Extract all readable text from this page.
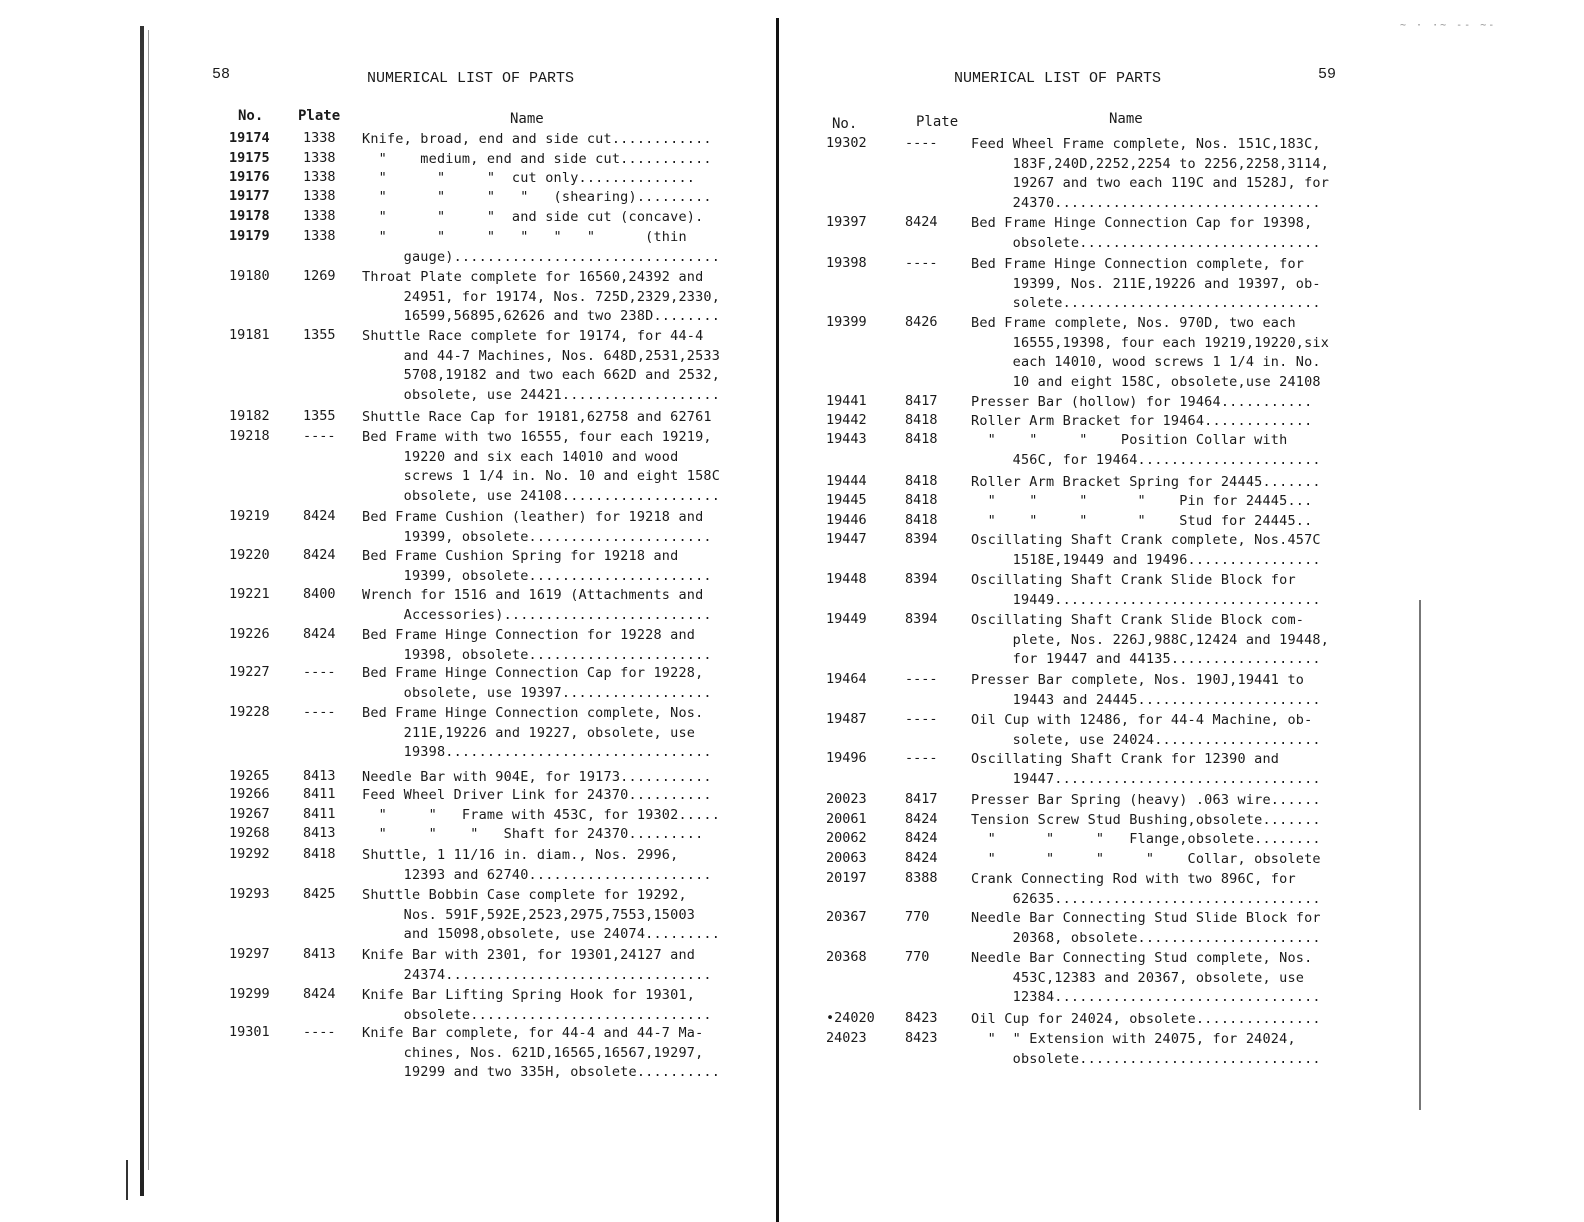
~ · ·~ -- ~-
58	NUMERICAL LIST OF PARTS
No. Plate	Name
19174 1338 Knife, broad, end and side cut............
19175 1338 "    medium, end and side cut...........
19176 1338 "      "     "  cut only..............
19177 1338 "      "     "   "   (shearing).........
19178 1338 "      "     "  and side cut (concave).
19179 1338 "      "     "   "   "   "      (thin
gauge)................................
19180 1269 Throat Plate complete for 16560,24392 and
24951, for 19174, Nos. 725D,2329,2330,
16599,56895,62626 and two 238D........
19181 1355 Shuttle Race complete for 19174, for 44-4
and 44-7 Machines, Nos. 648D,2531,2533
5708,19182 and two each 662D and 2532,
obsolete, use 24421...................
19182 1355 Shuttle Race Cap for 19181,62758 and 62761
19218 ---- Bed Frame with two 16555, four each 19219,
19220 and six each 14010 and wood
screws 1 1/4 in. No. 10 and eight 158C
obsolete, use 24108...................
19219 8424 Bed Frame Cushion (leather) for 19218 and
19399, obsolete......................
19220 8424 Bed Frame Cushion Spring for 19218 and
19399, obsolete......................
19221 8400 Wrench for 1516 and 1619 (Attachments and
Accessories).........................
19226 8424 Bed Frame Hinge Connection for 19228 and
19398, obsolete......................
19227 ---- Bed Frame Hinge Connection Cap for 19228,
obsolete, use 19397..................
19228 ---- Bed Frame Hinge Connection complete, Nos.
211E,19226 and 19227, obsolete, use
19398................................
19265 8413 Needle Bar with 904E, for 19173...........
19266 8411 Feed Wheel Driver Link for 24370..........
19267 8411 "     "   Frame with 453C, for 19302.....
19268 8413 "     "    "   Shaft for 24370.........
19292 8418 Shuttle, 1 11/16 in. diam., Nos. 2996,
12393 and 62740......................
19293 8425 Shuttle Bobbin Case complete for 19292,
Nos. 591F,592E,2523,2975,7553,15003
and 15098,obsolete, use 24074.........
19297 8413 Knife Bar with 2301, for 19301,24127 and
24374................................
19299 8424 Knife Bar Lifting Spring Hook for 19301,
obsolete.............................
19301 ---- Knife Bar complete, for 44-4 and 44-7 Ma-
chines, Nos. 621D,16565,16567,19297,
19299 and two 335H, obsolete..........
NUMERICAL LIST OF PARTS	59
No.	Plate	Name
19302	---- Feed Wheel Frame complete, Nos. 151C,183C,
183F,240D,2252,2254 to 2256,2258,3114,
19267 and two each 119C and 1528J, for
24370................................
19397	8424 Bed Frame Hinge Connection Cap for 19398,
obsolete.............................
19398	---- Bed Frame Hinge Connection complete, for
19399, Nos. 211E,19226 and 19397, ob-
solete...............................
19399	8426 Bed Frame complete, Nos. 970D, two each
16555,19398, four each 19219,19220,six
each 14010, wood screws 1 1/4 in. No.
10 and eight 158C, obsolete,use 24108
19441	8417 Presser Bar (hollow) for 19464...........
19442	8418 Roller Arm Bracket for 19464.............
19443	8418 "    "     "    Position Collar with
456C, for 19464......................
19444	8418 Roller Arm Bracket Spring for 24445.......
19445	8418 "    "     "      "    Pin for 24445...
19446	8418 "    "     "      "    Stud for 24445..
19447	8394 Oscillating Shaft Crank complete, Nos.457C
1518E,19449 and 19496................
19448	8394 Oscillating Shaft Crank Slide Block for
19449................................
19449	8394 Oscillating Shaft Crank Slide Block com-
plete, Nos. 226J,988C,12424 and 19448,
for 19447 and 44135..................
19464	---- Presser Bar complete, Nos. 190J,19441 to
19443 and 24445......................
19487	---- Oil Cup with 12486, for 44-4 Machine, ob-
solete, use 24024....................
19496	---- Oscillating Shaft Crank for 12390 and
19447................................
20023	8417 Presser Bar Spring (heavy) .063 wire......
20061	8424 Tension Screw Stud Bushing,obsolete.......
20062	8424 "      "     "   Flange,obsolete........
20063	8424 "      "     "     "    Collar, obsolete
20197	8388 Crank Connecting Rod with two 896C, for
62635................................
20367	770	Needle Bar Connecting Stud Slide Block for
20368, obsolete......................
20368	770	Needle Bar Connecting Stud complete, Nos.
453C,12383 and 20367, obsolete, use
12384................................
•24020 8423 Oil Cup for 24024, obsolete...............
24023	8423 "  " Extension with 24075, for 24024,
obsolete.............................
